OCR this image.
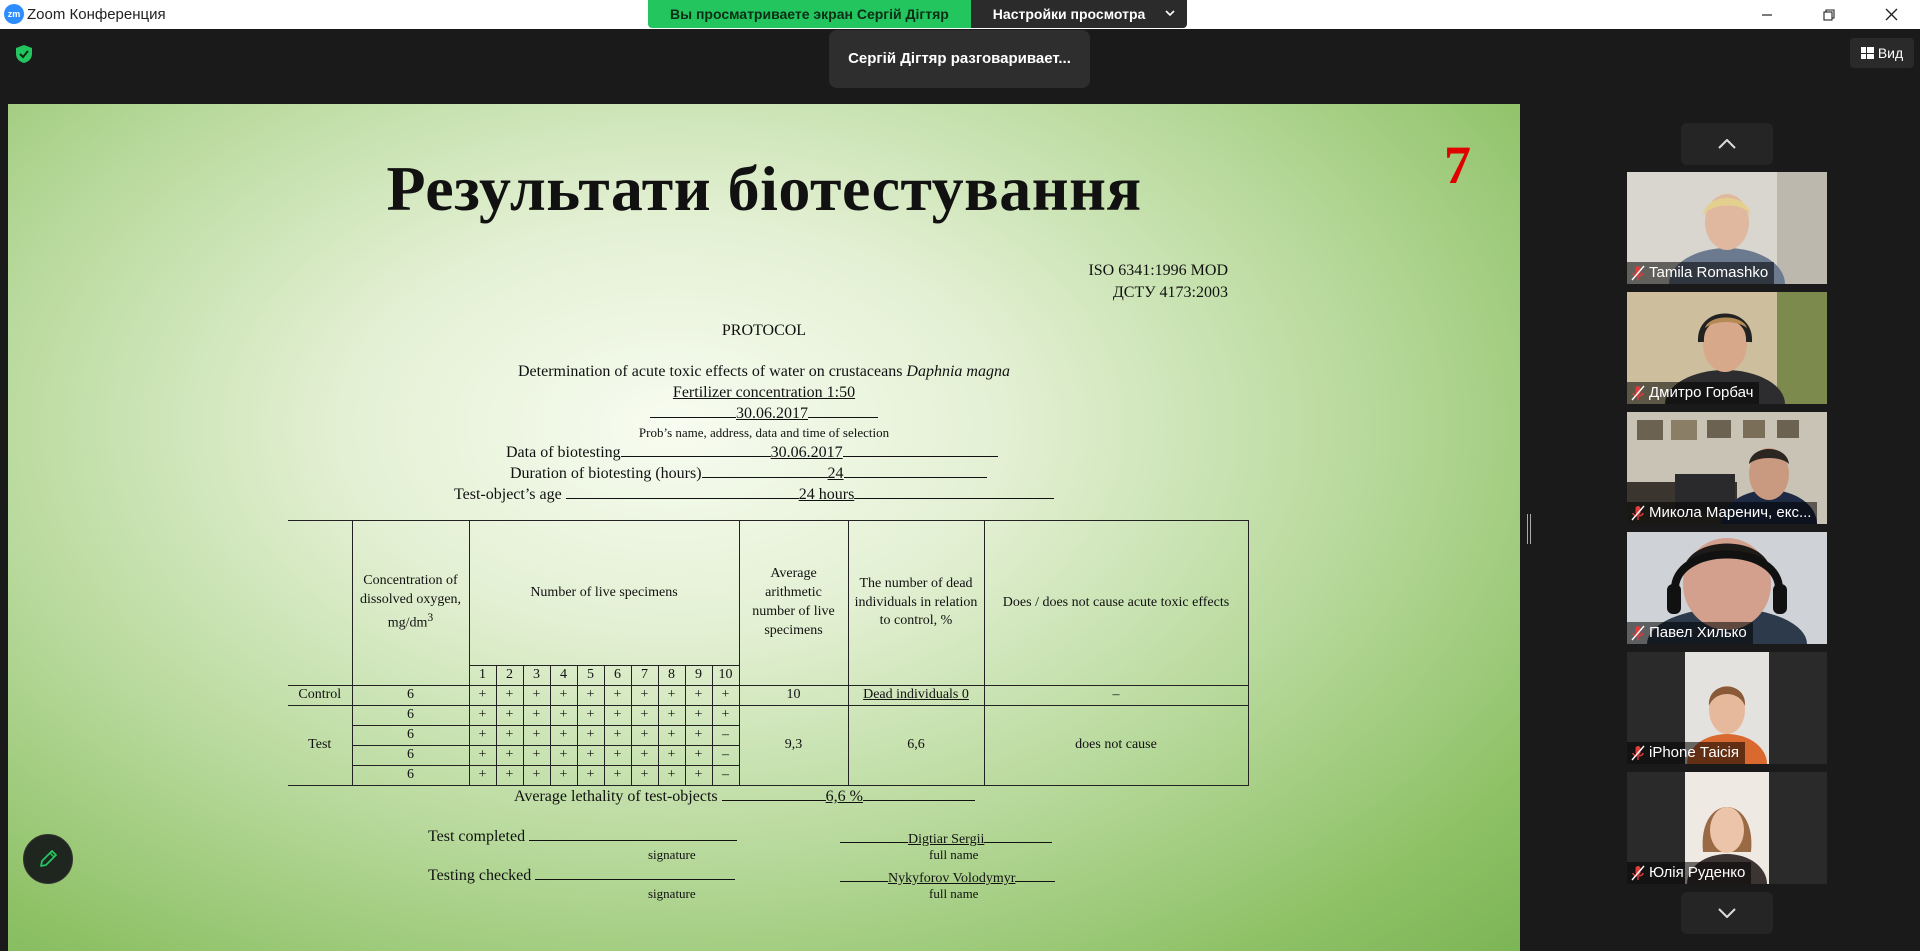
zm Zoom Конференция	Вы просматриваете экран Сергій Дігтяр	Настройки просмотра
Сергій Дігтяр разговаривает...	Вид
Результати біотестування	7
ISO 6341:1996 MOD
ДСТУ 4173:2003
PROTOCOL
Determination of acute toxic effects of water on crustaceans Daphnia magna
Fertilizer concentration 1:50
30.06.2017
Prob’s name, address, data and time of selection
Data of biotesting	30.06.2017
Duration of biotesting (hours)	24
Test-object’s age	24 hours
	Concentration of dissolved oxygen, $mg/dm^3$	Number of live specimens										Average arithmetic number of live specimens	The number of dead individuals in relation to control, %	Does / does not cause acute toxic effects
		1	2	3	4	5	6	7	8	9	10			
Control	6	+	+	+	+	+	+	+	+	+	+	10	Dead individuals 0	–
Test	6	+	+	+	+	+	+	+	+	+	+	9,3	6,6	does not cause
	6	+	+	+	+	+	+	+	+	+	–			
	6	+	+	+	+	+	+	+	+	+	–			
	6	+	+	+	+	+	+	+	+	+	–			
Average lethality of test-objects	6,6 %
Test completed
signature
Digtiar Sergii
full name
Testing checked
signature
Nykyforov Volodymyr
full name
Tamila Romashko
Дмитро Горбач
Микола Маренич, екс...
Павел Хилько
iPhone Таісія
Юлія Руденко
